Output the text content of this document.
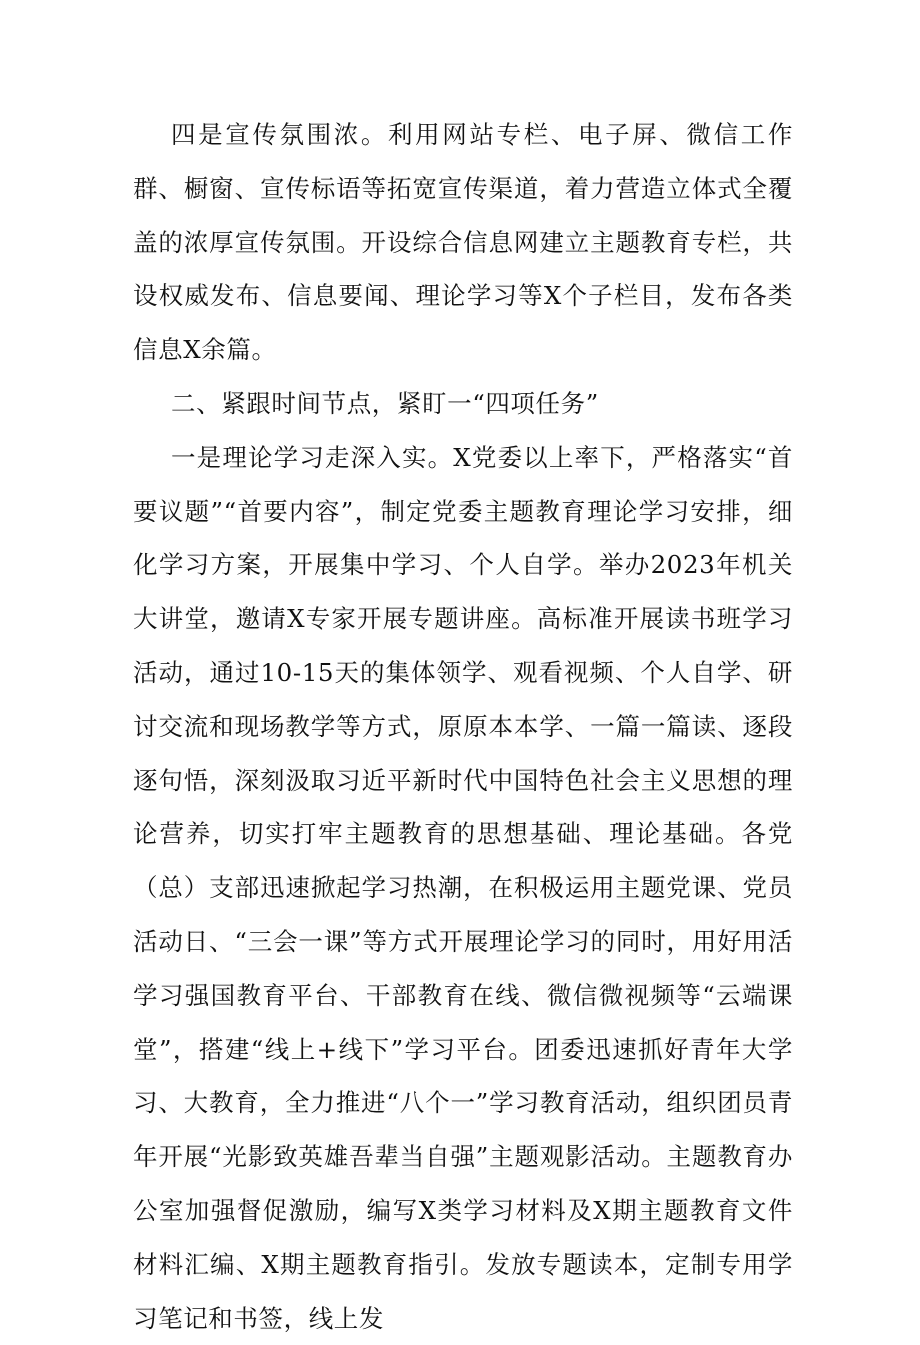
四是宣传氛围浓。利用网站专栏、电子屏、微信工作群、橱窗、宣传标语等拓宽宣传渠道，着力营造立体式全覆盖的浓厚宣传氛围。开设综合信息网建立主题教育专栏，共设权威发布、信息要闻、理论学习等X个子栏目，发布各类信息X余篇。

二、紧跟时间节点，紧盯一“四项任务”

一是理论学习走深入实。X党委以上率下，严格落实“首要议题”“首要内容”，制定党委主题教育理论学习安排，细化学习方案，开展集中学习、个人自学。举办2023年机关大讲堂，邀请X专家开展专题讲座。高标准开展读书班学习活动，通过10-15天的集体领学、观看视频、个人自学、研讨交流和现场教学等方式，原原本本学、一篇一篇读、逐段逐句悟，深刻汲取习近平新时代中国特色社会主义思想的理论营养，切实打牢主题教育的思想基础、理论基础。各党（总）支部迅速掀起学习热潮，在积极运用主题党课、党员活动日、“三会一课”等方式开展理论学习的同时，用好用活学习强国教育平台、干部教育在线、微信微视频等“云端课堂”，搭建“线上+线下”学习平台。团委迅速抓好青年大学习、大教育，全力推进“八个一”学习教育活动，组织团员青年开展“光影致英雄吾辈当自强”主题观影活动。主题教育办公室加强督促激励，编写X类学习材料及X期主题教育文件材料汇编、X期主题教育指引。发放专题读本，定制专用学习笔记和书签，线上发
